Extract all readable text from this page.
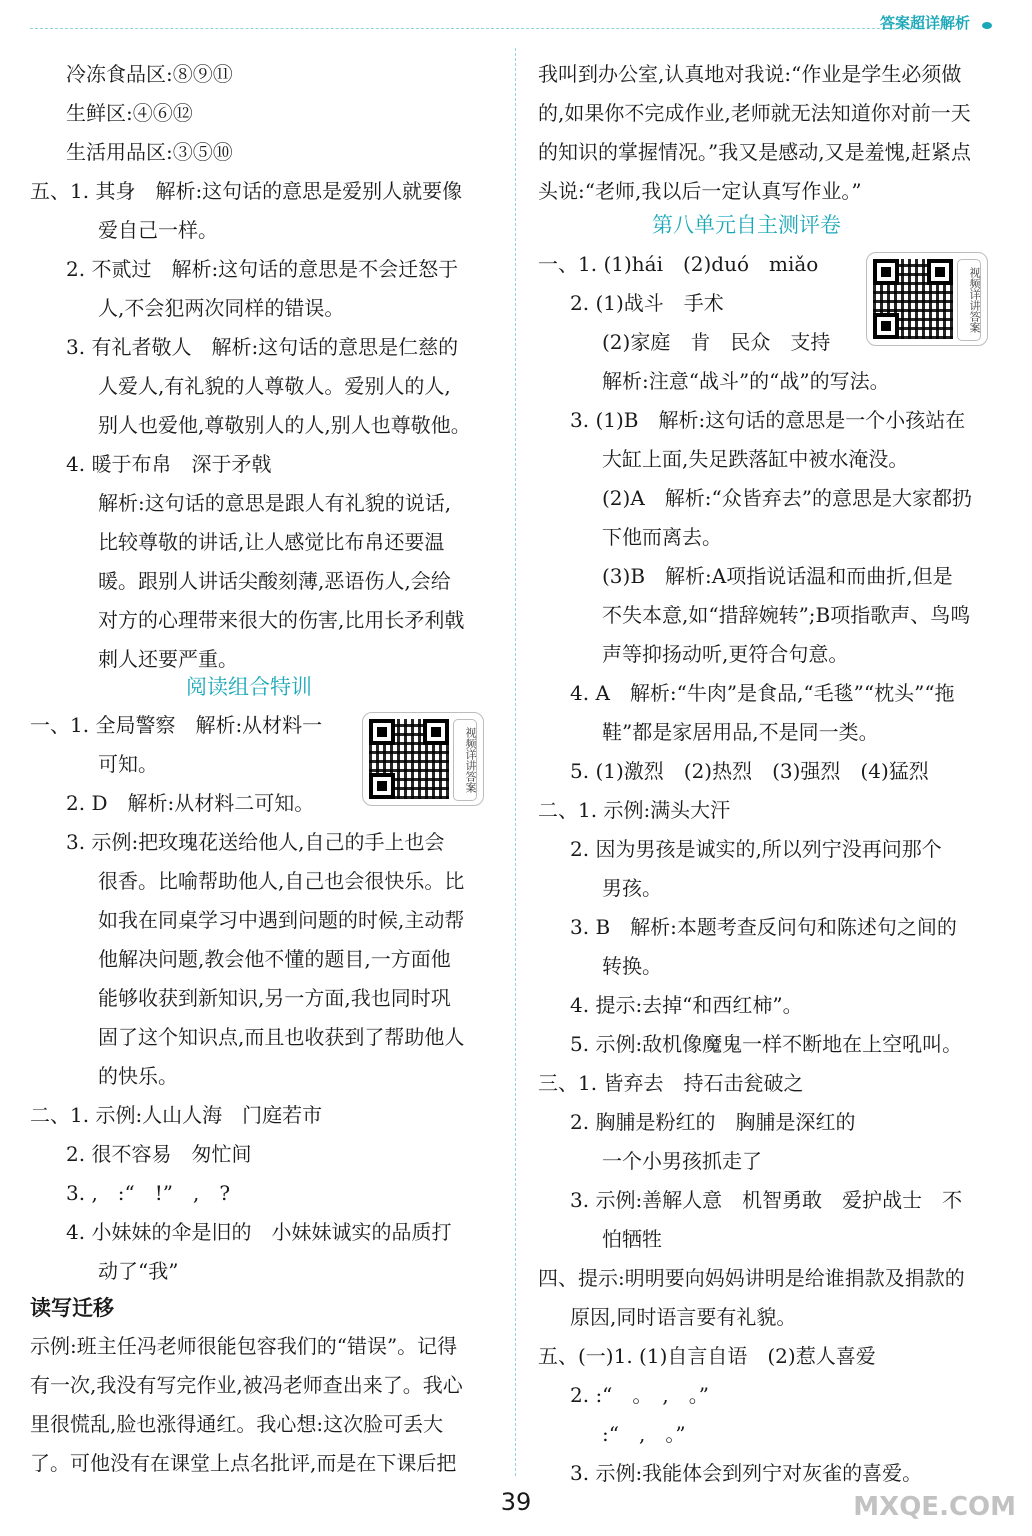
答案超详解析
冷冻食品区:⑧⑨⑪
生鲜区:④⑥⑫
生活用品区:③⑤⑩
五、1. 其身　解析:这句话的意思是爱别人就要像
爱自己一样。
2. 不贰过　解析:这句话的意思是不会迁怒于
人,不会犯两次同样的错误。
3. 有礼者敬人　解析:这句话的意思是仁慈的
人爱人,有礼貌的人尊敬人。爱别人的人,
别人也爱他,尊敬别人的人,别人也尊敬他。
4. 暖于布帛　深于矛戟
解析:这句话的意思是跟人有礼貌的说话,
比较尊敬的讲话,让人感觉比布帛还要温
暖。跟别人讲话尖酸刻薄,恶语伤人,会给
对方的心理带来很大的伤害,比用长矛利戟
刺人还要严重。
阅读组合特训
一、1. 全局警察　解析:从材料一
可知。
2. D　解析:从材料二可知。
3. 示例:把玫瑰花送给他人,自己的手上也会
很香。比喻帮助他人,自己也会很快乐。比
如我在同桌学习中遇到问题的时候,主动帮
他解决问题,教会他不懂的题目,一方面他
能够收获到新知识,另一方面,我也同时巩
固了这个知识点,而且也收获到了帮助他人
的快乐。
二、1. 示例:人山人海　门庭若市
2. 很不容易　匆忙间
3. ,　:“　!”　,　?
4. 小妹妹的伞是旧的　小妹妹诚实的品质打
动了“我”
读写迁移
示例:班主任冯老师很能包容我们的“错误”。记得
有一次,我没有写完作业,被冯老师查出来了。我心
里很慌乱,脸也涨得通红。我心想:这次脸可丢大
了。可他没有在课堂上点名批评,而是在下课后把
视频详讲答案
我叫到办公室,认真地对我说:“作业是学生必须做
的,如果你不完成作业,老师就无法知道你对前一天
的知识的掌握情况。”我又是感动,又是羞愧,赶紧点
头说:“老师,我以后一定认真写作业。”
第八单元自主测评卷
一、1. (1)hái　(2)duó　miǎo
2. (1)战斗　手术
(2)家庭　肯　民众　支持
解析:注意“战斗”的“战”的写法。
3. (1)B　解析:这句话的意思是一个小孩站在
大缸上面,失足跌落缸中被水淹没。
(2)A　解析:“众皆弃去”的意思是大家都扔
下他而离去。
(3)B　解析:A项指说话温和而曲折,但是
不失本意,如“措辞婉转”;B项指歌声、鸟鸣
声等抑扬动听,更符合句意。
4. A　解析:“牛肉”是食品,“毛毯”“枕头”“拖
鞋”都是家居用品,不是同一类。
5. (1)激烈　(2)热烈　(3)强烈　(4)猛烈
二、1. 示例:满头大汗
2. 因为男孩是诚实的,所以列宁没再问那个
男孩。
3. B　解析:本题考查反问句和陈述句之间的
转换。
4. 提示:去掉“和西红柿”。
5. 示例:敌机像魔鬼一样不断地在上空吼叫。
三、1. 皆弃去　持石击瓮破之
2. 胸脯是粉红的　胸脯是深红的
一个小男孩抓走了
3. 示例:善解人意　机智勇敢　爱护战士　不
怕牺牲
四、提示:明明要向妈妈讲明是给谁捐款及捐款的
原因,同时语言要有礼貌。
五、(一)1. (1)自言自语　(2)惹人喜爱
2. :“　。　,　。”
:“　,　。”
3. 示例:我能体会到列宁对灰雀的喜爱。
视频详讲答案
39	MXQE.COM
